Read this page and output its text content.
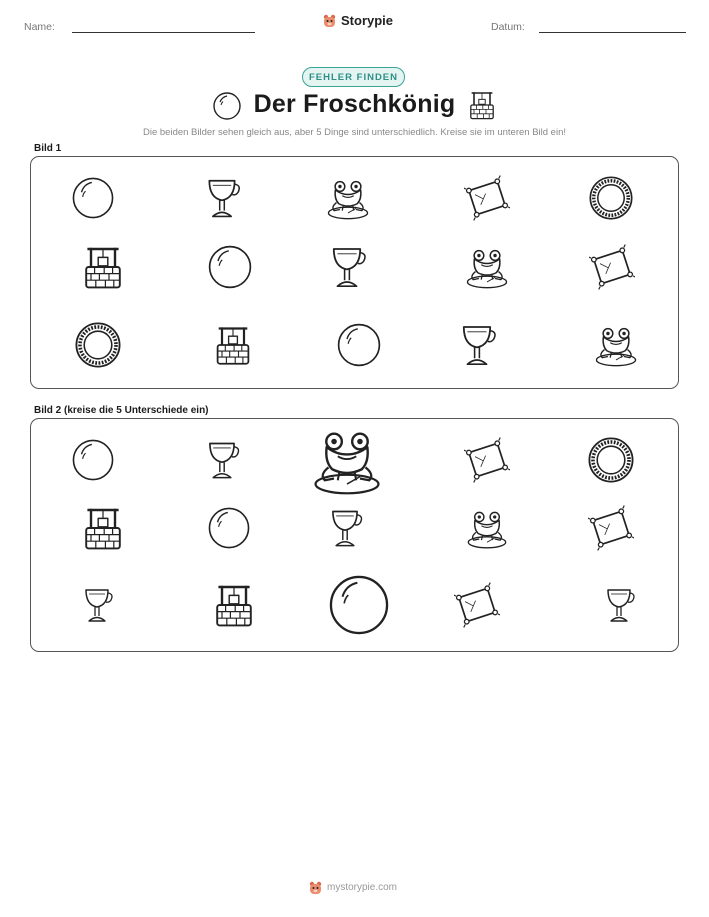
Name:	Storypie	Datum:
FEHLER FINDEN
Der Froschkönig
Die beiden Bilder sehen gleich aus, aber 5 Dinge sind unterschiedlich. Kreise sie im unteren Bild ein!
Bild 1
Bild 2 (kreise die 5 Unterschiede ein)
mystorypie.com
